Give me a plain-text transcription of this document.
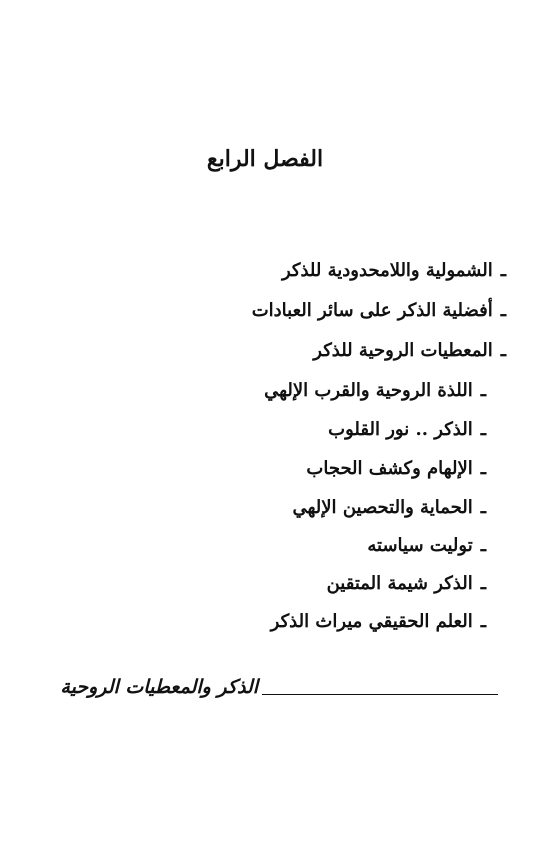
الفصل الرابع
ـالشمولية واللامحدودية للذكر
ـأفضلية الذكر على سائر العبادات
ـالمعطيات الروحية للذكر
ـاللذة الروحية والقرب الإلهي
ـالذكر .. نور القلوب
ـالإلهام وكشف الحجاب
ـالحماية والتحصين الإلهي
ـتوليت سياسته
ـالذكر شيمة المتقين
ـالعلم الحقيقي ميراث الذكر
الذكر والمعطيات الروحية
